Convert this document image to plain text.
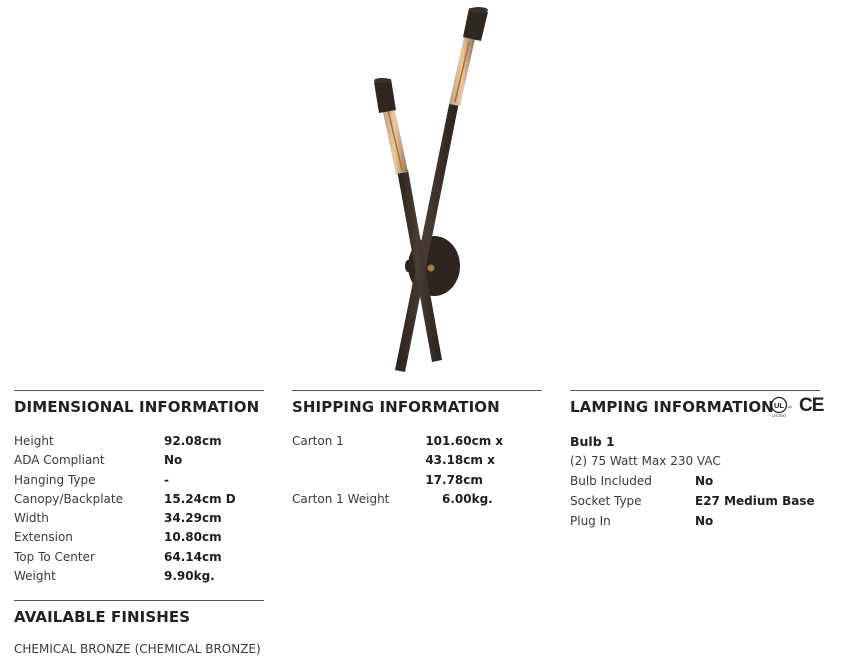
DIMENSIONAL INFORMATION
Height	92.08cm
ADA Compliant	No
Hanging Type	-
Canopy/Backplate	15.24cm D
Width	34.29cm
Extension	10.80cm
Top To Center	64.14cm
Weight	9.90kg.
AVAILABLE FINISHES
CHEMICAL BRONZE (CHEMICAL BRONZE)
SHIPPING INFORMATION
Carton 1	101.60cm x
43.18cm x 17.78cm
Carton 1 Weight	6.00kg.
LAMPING INFORMATION
Bulb 1
(2) 75 Watt Max 230 VAC
Bulb Included	No
Socket Type	E27 Medium Base
Plug In	No
UL us
LISTED CE
